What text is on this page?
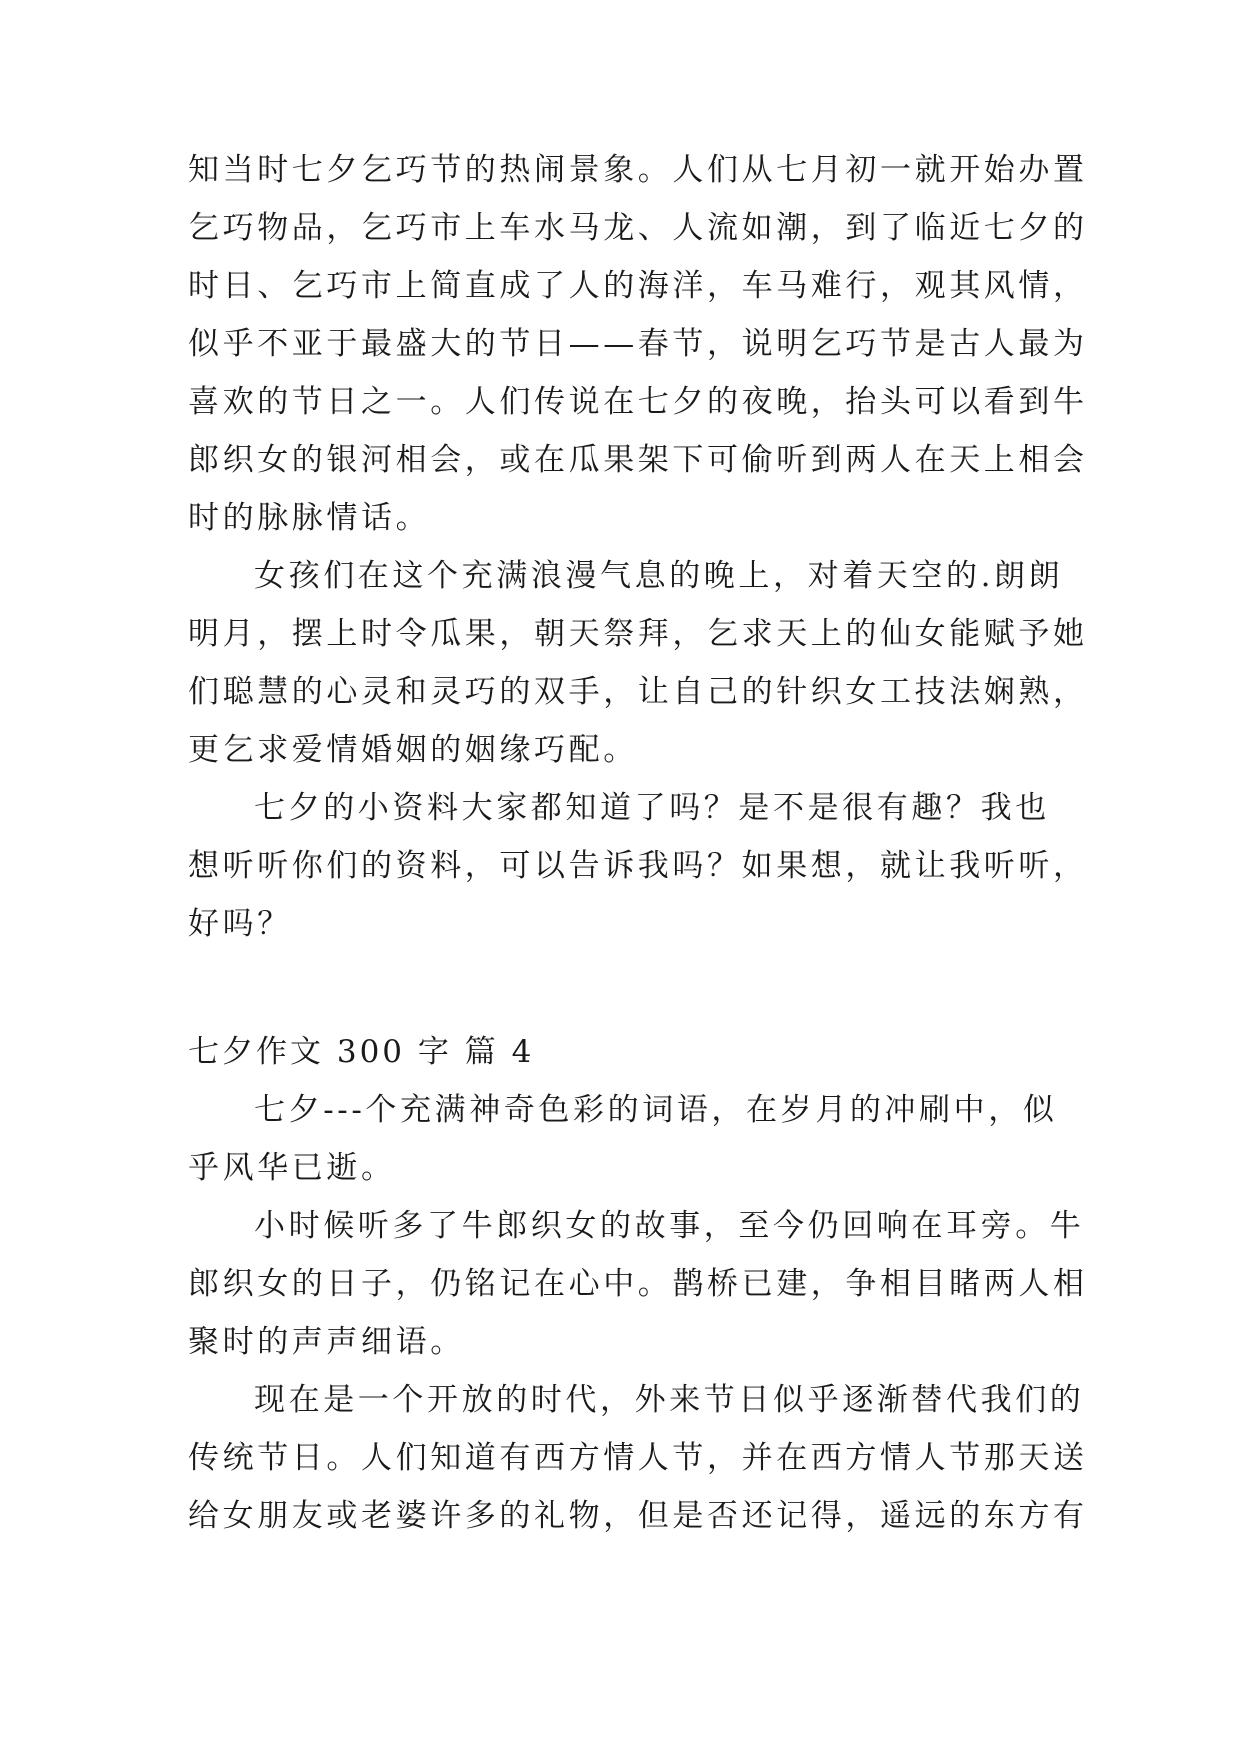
知当时七夕乞巧节的热闹景象。人们从七月初一就开始办置
乞巧物品，乞巧市上车水马龙、人流如潮，到了临近七夕的
时日、乞巧市上简直成了人的海洋，车马难行，观其风情，
似乎不亚于最盛大的节日——春节，说明乞巧节是古人最为
喜欢的节日之一。人们传说在七夕的夜晚，抬头可以看到牛
郎织女的银河相会，或在瓜果架下可偷听到两人在天上相会
时的脉脉情话。
女孩们在这个充满浪漫气息的晚上，对着天空的.朗朗
明月，摆上时令瓜果，朝天祭拜，乞求天上的仙女能赋予她
们聪慧的心灵和灵巧的双手，让自己的针织女工技法娴熟，
更乞求爱情婚姻的姻缘巧配。
七夕的小资料大家都知道了吗？是不是很有趣？我也
想听听你们的资料，可以告诉我吗？如果想，就让我听听，
好吗？
七夕作文 300 字 篇 4
七夕---个充满神奇色彩的词语，在岁月的冲刷中，似
乎风华已逝。
小时候听多了牛郎织女的故事，至今仍回响在耳旁。牛
郎织女的日子，仍铭记在心中。鹊桥已建，争相目睹两人相
聚时的声声细语。
现在是一个开放的时代，外来节日似乎逐渐替代我们的
传统节日。人们知道有西方情人节，并在西方情人节那天送
给女朋友或老婆许多的礼物，但是否还记得，遥远的东方有
